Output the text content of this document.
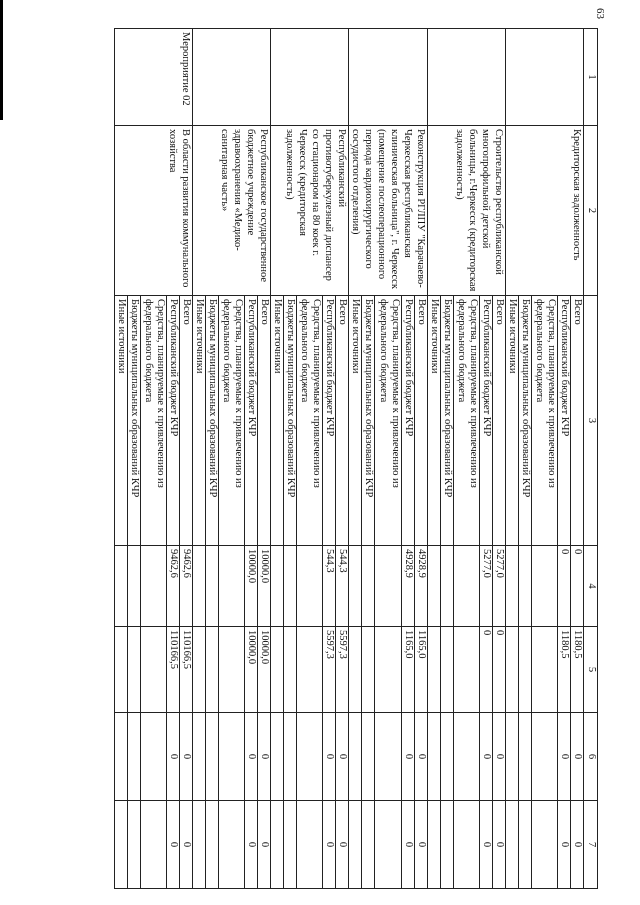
63
1	2	3	4	5	6	7
	Кредиторская задолженность	Всего	0	1180,5	0	0
		Республиканский бюджет КЧР	0	1180,5	0	0
		Средства, планируемые к привлечению из федерального бюджета				
		Бюджеты муниципальных образований КЧР				
		Иные источники				
	Строительство республиканской многопрофильной детской больницы, г.Черкесск (кредиторская задолженность)	Всего	5277,0	0	0	0
		Республиканский бюджет КЧР	5277,0	0	0	0
		Средства, планируемые к привлечению из федерального бюджета				
		Бюджеты муниципальных образований КЧР				
		Иные источники				
	Реконструкция РГЛПУ "Карачаево-Черкесская республиканская клиническая больница", г. Черкесск (помещение послеоперационного периода кардиохирургического сосудистого отделения)	Всего	4928,9	1165,0	0	0
		Республиканский бюджет КЧР	4928,9	1165,0	0	0
		Средства, планируемые к привлечению из федерального бюджета				
		Бюджеты муниципальных образований КЧР				
		Иные источники				
	Республиканский противотуберкулезный диспансер со стационаром на 80 коек г. Черкесск (кредиторская задолженность)	Всего	544,3	5597,3	0	0
		Республиканский бюджет КЧР	544,3	5597,3	0	0
		Средства, планируемые к привлечению из федерального бюджета				
		Бюджеты муниципальных образований КЧР				
		Иные источники				
	Республиканское государственное бюджетное учреждение здравоохранения «Медико-санитарная часть»	Всего	10000,0	10000,0	0	0
		Республиканский бюджет КЧР	10000,0	10000,0	0	0
		Средства, планируемые к привлечению из федерального бюджета				
		Бюджеты муниципальных образований КЧР				
		Иные источники				
Мероприятие 02	В области развития коммунального хозяйства	Всего	9462,6	110166,5	0	0
		Республиканский бюджет КЧР	9462,6	110166,5	0	0
		Средства, планируемые к привлечению из федерального бюджета				
		Бюджеты муниципальных образований КЧР				
		Иные источники				
